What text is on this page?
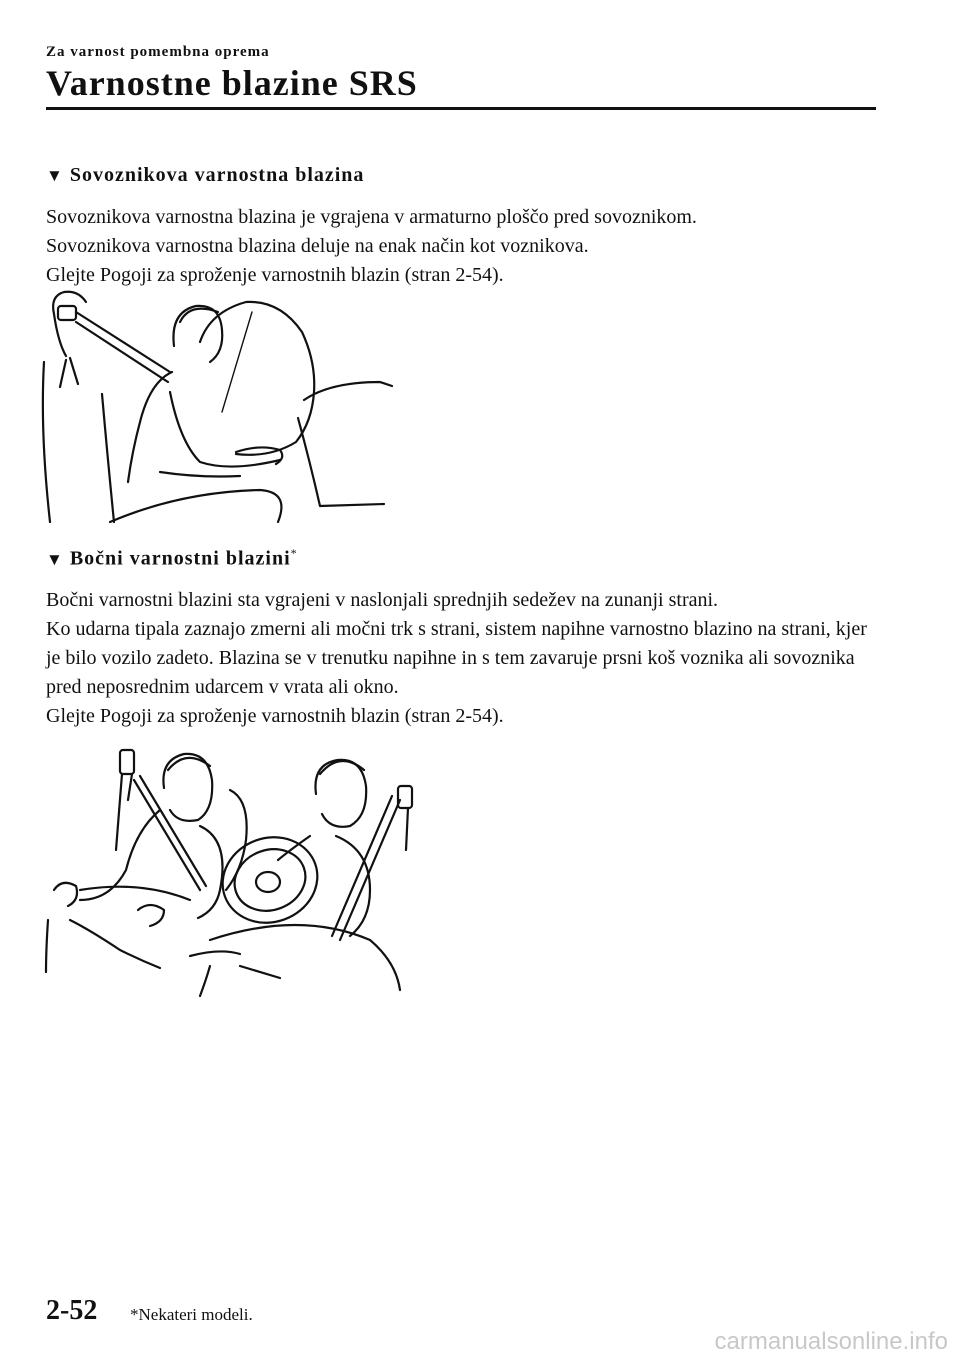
Za varnost pomembna oprema
Varnostne blazine SRS
▼ Sovoznikova varnostna blazina

Sovoznikova varnostna blazina je vgrajena v armaturno ploščo pred sovoznikom.

Sovoznikova varnostna blazina deluje na enak način kot voznikova.

Glejte Pogoji za sproženje varnostnih blazin (stran 2-54).

▼ Bočni varnostni blazini*

Bočni varnostni blazini sta vgrajeni v naslonjali sprednjih sedežev na zunanji strani.

Ko udarna tipala zaznajo zmerni ali močni trk s strani, sistem napihne varnostno blazino na strani, kjer je bilo vozilo zadeto. Blazina se v trenutku napihne in s tem zavaruje prsni koš voznika ali sovoznika pred neposrednim udarcem v vrata ali okno.

Glejte Pogoji za sproženje varnostnih blazin (stran 2-54).

2-52 *Nekateri modeli.
carmanualsonline.info
